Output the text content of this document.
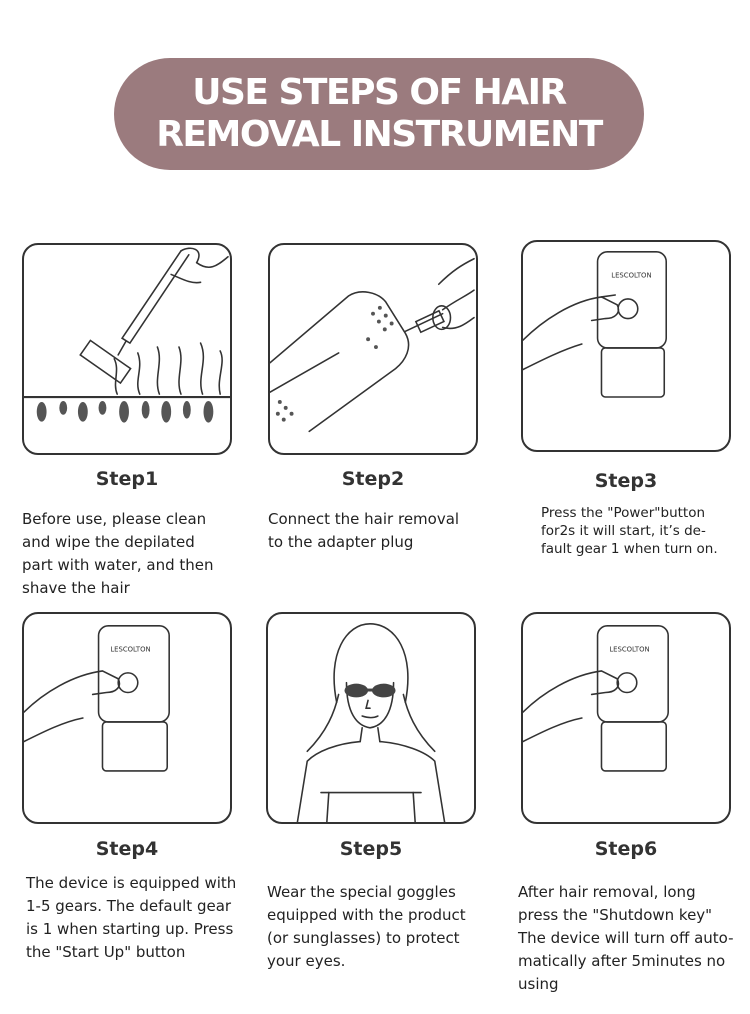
USE STEPS OF HAIR
REMOVAL INSTRUMENT
LESCOLTON
LESCOLTON	LESCOLTON
Step1	Step2	Step3
Step4	Step5	Step6
Before use, please clean
and wipe the depilated
part with water, and then
shave the hair
Connect the hair removal
to the adapter plug
Press the "Power"button
for2s it will start, it’s de-
fault gear 1 when turn on.
The device is equipped with
1-5 gears. The default gear
is 1 when starting up. Press
the "Start Up" button
Wear the special goggles
equipped with the product
(or sunglasses) to protect
your eyes.
After hair removal, long
press the "Shutdown key"
The device will turn off auto-
matically after 5minutes no
using
